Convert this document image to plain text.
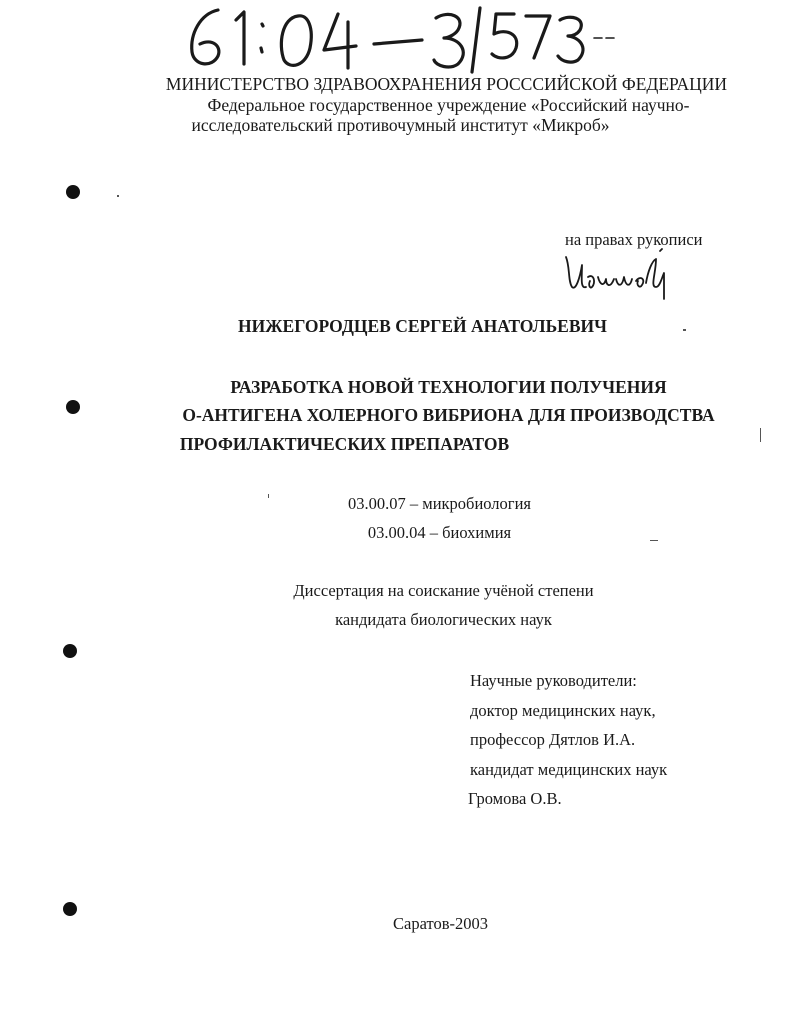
МИНИСТЕРСТВО ЗДРАВООХРАНЕНИЯ РОСССИЙСКОЙ ФЕДЕРАЦИИ
Федеральное государственное учреждение «Российский научно-
исследовательский противочумный институт «Микроб»
на правах рукописи
НИЖЕГОРОДЦЕВ СЕРГЕЙ АНАТОЛЬЕВИЧ
РАЗРАБОТКА НОВОЙ ТЕХНОЛОГИИ ПОЛУЧЕНИЯ
О-АНТИГЕНА ХОЛЕРНОГО ВИБРИОНА ДЛЯ ПРОИЗВОДСТВА
ПРОФИЛАКТИЧЕСКИХ ПРЕПАРАТОВ
03.00.07 – микробиология
03.00.04 – биохимия
Диссертация на соискание учёной степени
кандидата биологических наук
Научные руководители:
доктор медицинских наук,
профессор Дятлов И.А.
кандидат медицинских наук
Громова О.В.
Саратов-2003
